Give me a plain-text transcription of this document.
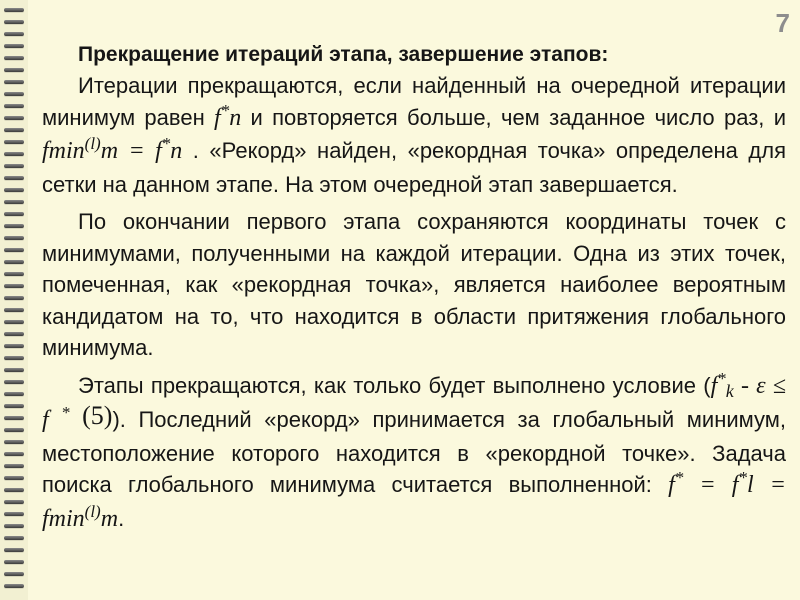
7

Прекращение итераций этапа, завершение этапов:

Итерации прекращаются, если найденный на очередной итерации минимум равен f*n и повторяется больше, чем заданное число раз, и fmin$^{(l)}$m = f*n . «Рекорд» найден, «рекордная точка» определена для сетки на данном этапе. На этом очередной этап завершается.

По окончании первого этапа сохраняются координаты точек с минимумами, полученными на каждой итерации. Одна из этих точек, помеченная, как «рекордная точка», является наиболее вероятным кандидатом на то, что находится в области притяжения глобального минимума.

Этапы прекращаются, как только будет выполнено условие (f*k - ε ≤ f * (5)). Последний «рекорд» принимается за глобальный минимум, местоположение которого находится в «рекордной точке». Задача поиска глобального минимума считается выполненной: f* = f*l = fmin$^{(l)}$m.
